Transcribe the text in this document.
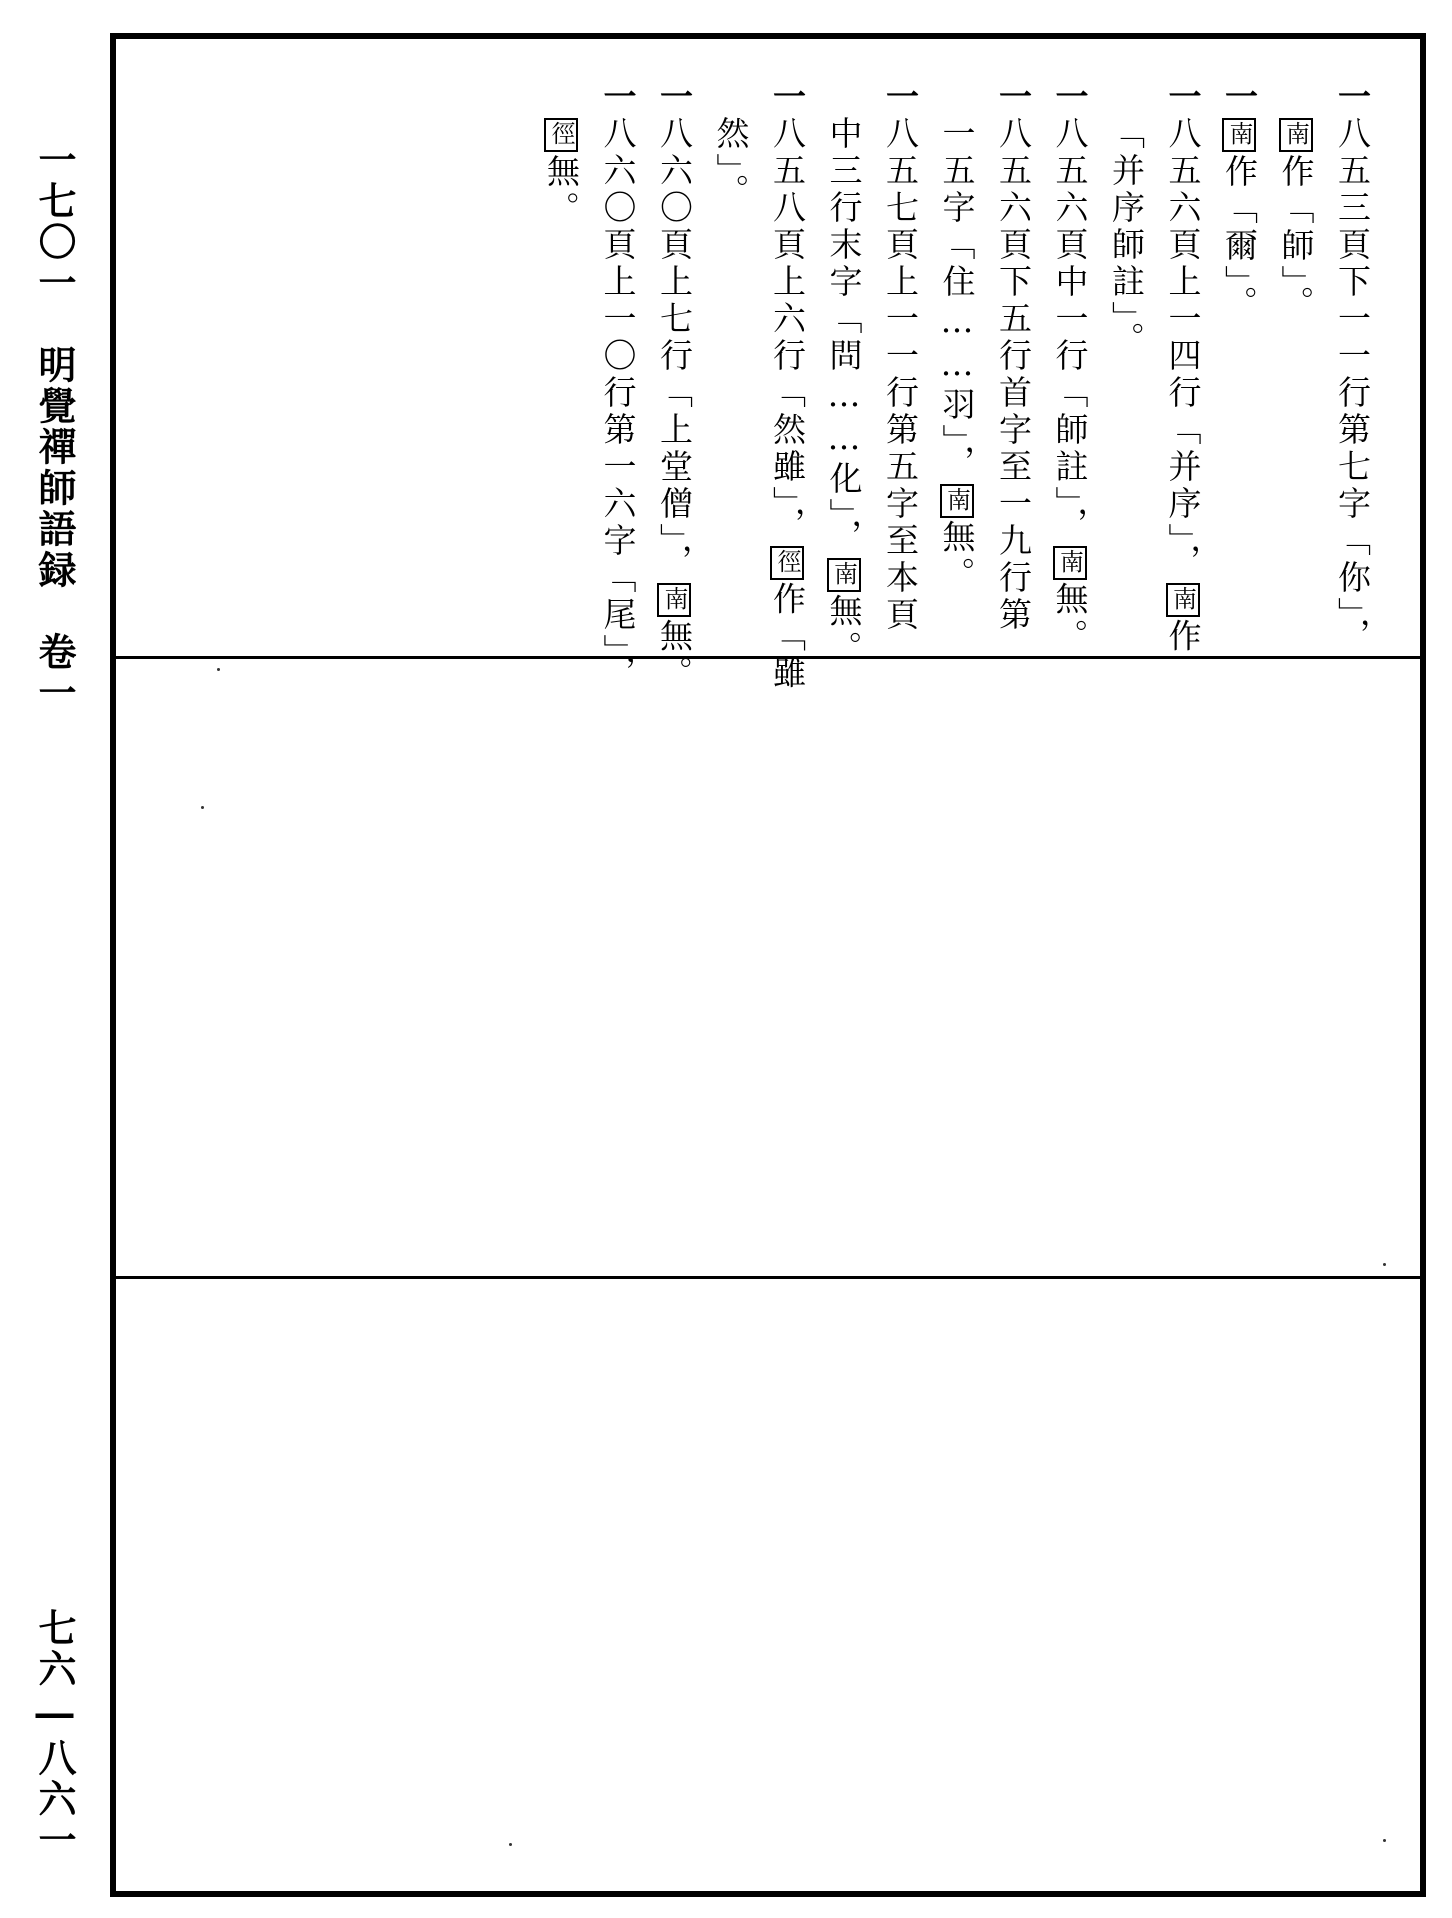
一七〇一　明覺禪師語録　卷一
七六―八六一
一八五三頁下一一行第七字「你」，
南作「師」。
一南作「爾」。
一八五六頁上一四行「并序」，南作
「并序師註」。
一八五六頁中一行「師註」，南無。
一八五六頁下五行首字至一九行第
一五字「住……羽」，南無。
一八五七頁上一一行第五字至本頁
中三行末字「問……化」，南無。
一八五八頁上六行「然雖」，徑作「雖
然」。
一八六〇頁上七行「上堂僧」，南無。
一八六〇頁上一〇行第一六字「尾」，
徑無。
